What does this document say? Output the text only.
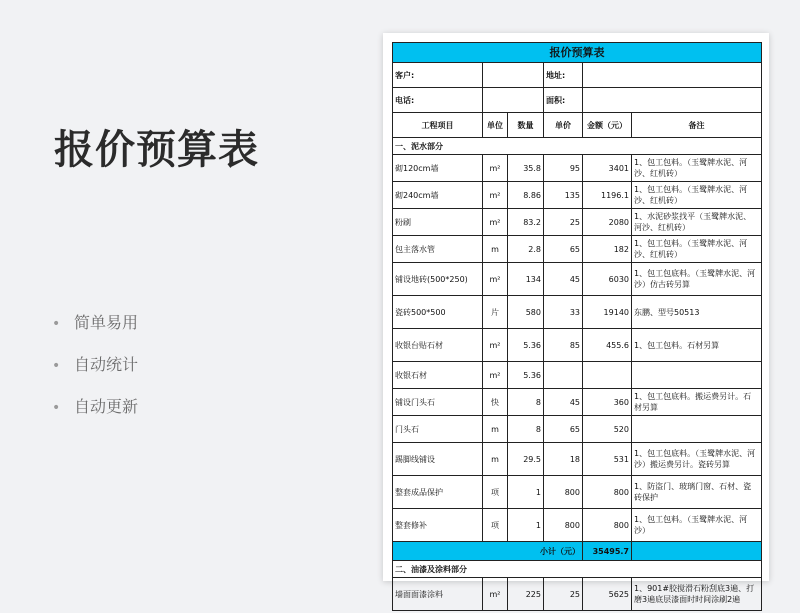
报价预算表
• 简单易用
• 自动统计
• 自动更新
报价预算表					
客户:			地址:		
电话:			面积:		
工程项目	单位	数量	单价	金额（元）	备注
一、泥水部分					
砌120cm墙	m²	35.8	95	3401	1、包工包料。（玉鹭牌水泥、河沙、红机砖）
砌240cm墙	m²	8.86	135	1196.1	1、包工包料。（玉鹭牌水泥、河沙、红机砖）
粉刷	m²	83.2	25	2080	1、水泥砂浆找平（玉鹭牌水泥、河沙、红机砖）
包主落水管	m	2.8	65	182	1、包工包料。（玉鹭牌水泥、河沙、红机砖）
铺设地砖(500*250)	m²	134	45	6030	1、包工包底料。（玉鹭牌水泥、河沙）仿古砖另算
瓷砖500*500	片	580	33	19140	东鹏、型号50513
收银台贴石材	m²	5.36	85	455.6	1、包工包料。石材另算
收银石材	m²	5.36			
铺设门头石	快	8	45	360	1、包工包底料。搬运费另计。石材另算
门头石	m	8	65	520	
踢脚线铺设	m	29.5	18	531	1、包工包底料。（玉鹭牌水泥、河沙）搬运费另计。瓷砖另算
整套成品保护	项	1	800	800	1、防盗门、玻璃门窗、石材、瓷砖保护
整套修补	项	1	800	800	1、包工包料。（玉鹭牌水泥、河沙）
小计（元）				35495.7	
二、油漆及涂料部分					
墙面面漆涂料	m²	225	25	5625	1、901#胶搅滑石粉刮底3遍、打磨3遍底层漆面时时间涂刷2遍
